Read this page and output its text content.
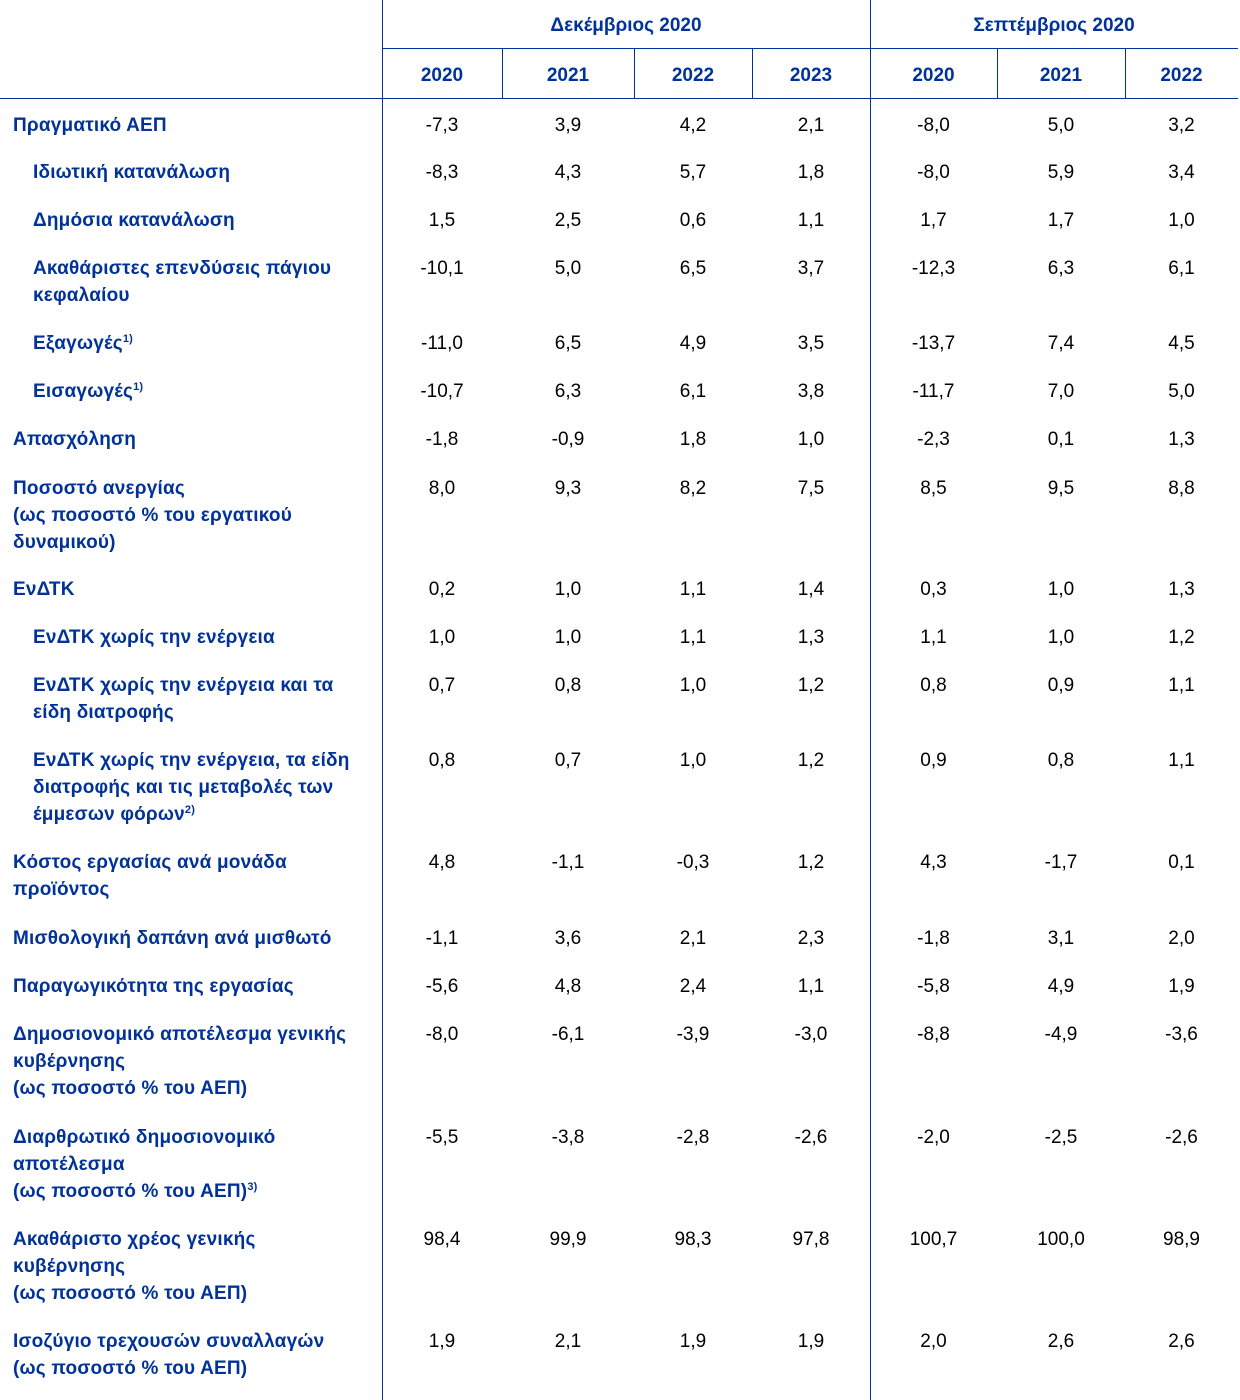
Δεκέμβριος 2020
2020	2021	2022	2023
Σεπτέμβριος 2020
2020	2021	2022
Πραγματικό ΑΕΠ	-7,3	3,9	4,2	2,1	-8,0	5,0	3,2
Ιδιωτική κατανάλωση	-8,3	4,3	5,7	1,8	-8,0	5,9	3,4
Δημόσια κατανάλωση	1,5	2,5	0,6	1,1	1,7	1,7	1,0
Ακαθάριστες επενδύσεις πάγιου
κεφαλαίου
-10,1	5,0	6,5	3,7	-12,3	6,3	6,1
Εξαγωγές$^{1)}$	-11,0	6,5	4,9	3,5	-13,7	7,4	4,5
Εισαγωγές$^{1)}$	-10,7	6,3	6,1	3,8	-11,7	7,0	5,0
Απασχόληση	-1,8	-0,9	1,8	1,0	-2,3	0,1	1,3
Ποσοστό ανεργίας
(ως ποσοστό % του εργατικού
δυναμικού)
8,0	9,3	8,2	7,5	8,5	9,5	8,8
ΕνΔΤΚ	0,2	1,0	1,1	1,4	0,3	1,0	1,3
ΕνΔΤΚ χωρίς την ενέργεια	1,0	1,0	1,1	1,3	1,1	1,0	1,2
ΕνΔΤΚ χωρίς την ενέργεια και τα
είδη διατροφής
0,7	0,8	1,0	1,2	0,8	0,9	1,1
ΕνΔΤΚ χωρίς την ενέργεια, τα είδη
διατροφής και τις μεταβολές των
έμμεσων φόρων$^{2)}$
0,8	0,7	1,0	1,2	0,9	0,8	1,1
Κόστος εργασίας ανά μονάδα
προϊόντος
4,8	-1,1	-0,3	1,2	4,3	-1,7	0,1
Μισθολογική δαπάνη ανά μισθωτό	-1,1	3,6	2,1	2,3	-1,8	3,1	2,0
Παραγωγικότητα της εργασίας	-5,6	4,8	2,4	1,1	-5,8	4,9	1,9
Δημοσιονομικό αποτέλεσμα γενικής
κυβέρνησης
(ως ποσοστό % του ΑΕΠ)
-8,0	-6,1	-3,9	-3,0	-8,8	-4,9	-3,6
Διαρθρωτικό δημοσιονομικό
αποτέλεσμα
(ως ποσοστό % του ΑΕΠ)$^{3)}$
-5,5	-3,8	-2,8	-2,6	-2,0	-2,5	-2,6
Ακαθάριστο χρέος γενικής
κυβέρνησης
(ως ποσοστό % του ΑΕΠ)
98,4	99,9	98,3	97,8	100,7	100,0	98,9
Ισοζύγιο τρεχουσών συναλλαγών
(ως ποσοστό % του ΑΕΠ)
1,9	2,1	1,9	1,9	2,0	2,6	2,6
